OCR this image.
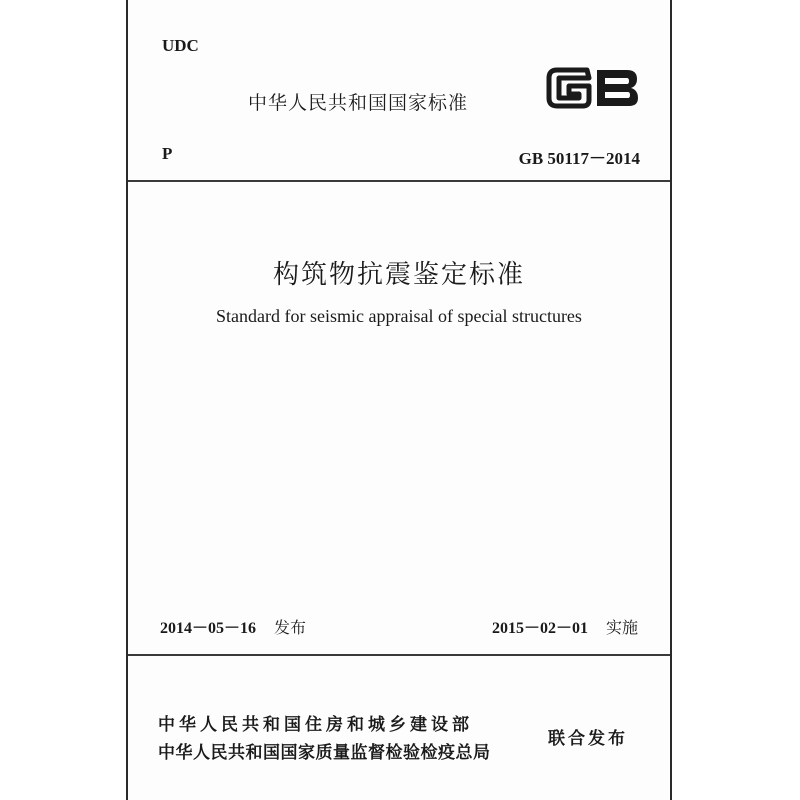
UDC
中华人民共和国国家标准
P	GB 50117－2014
构筑物抗震鉴定标准
Standard for seismic appraisal of special structures
2014－05－16 发布	2015－02－01 实施
中华人民共和国住房和城乡建设部
中华人民共和国国家质量监督检验检疫总局
联合发布
